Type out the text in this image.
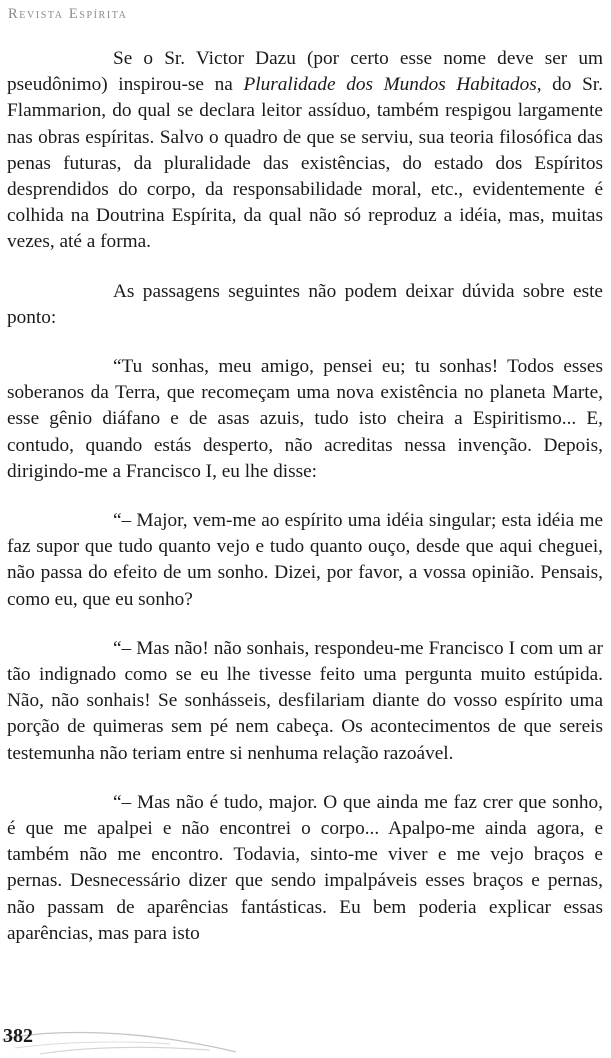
Revista Espírita

Se o Sr. Victor Dazu (por certo esse nome deve ser um pseudônimo) inspirou-se na Pluralidade dos Mundos Habitados, do Sr. Flammarion, do qual se declara leitor assíduo, também respigou largamente nas obras espíritas. Salvo o quadro de que se serviu, sua teoria filosófica das penas futuras, da pluralidade das existências, do estado dos Espíritos desprendidos do corpo, da responsabilidade moral, etc., evidentemente é colhida na Doutrina Espírita, da qual não só reproduz a idéia, mas, muitas vezes, até a forma.

As passagens seguintes não podem deixar dúvida sobre este ponto:

“Tu sonhas, meu amigo, pensei eu; tu sonhas! Todos esses soberanos da Terra, que recomeçam uma nova existência no planeta Marte, esse gênio diáfano e de asas azuis, tudo isto cheira a Espiritismo... E, contudo, quando estás desperto, não acreditas nessa invenção. Depois, dirigindo-me a Francisco I, eu lhe disse:

“– Major, vem-me ao espírito uma idéia singular; esta idéia me faz supor que tudo quanto vejo e tudo quanto ouço, desde que aqui cheguei, não passa do efeito de um sonho. Dizei, por favor, a vossa opinião. Pensais, como eu, que eu sonho?

“– Mas não! não sonhais, respondeu-me Francisco I com um ar tão indignado como se eu lhe tivesse feito uma pergunta muito estúpida. Não, não sonhais! Se sonhásseis, desfilariam diante do vosso espírito uma porção de quimeras sem pé nem cabeça. Os acontecimentos de que sereis testemunha não teriam entre si nenhuma relação razoável.

“– Mas não é tudo, major. O que ainda me faz crer que sonho, é que me apalpei e não encontrei o corpo... Apalpo-me ainda agora, e também não me encontro. Todavia, sinto-me viver e me vejo braços e pernas. Desnecessário dizer que sendo impalpáveis esses braços e pernas, não passam de aparências fantásticas. Eu bem poderia explicar essas aparências, mas para isto

382
